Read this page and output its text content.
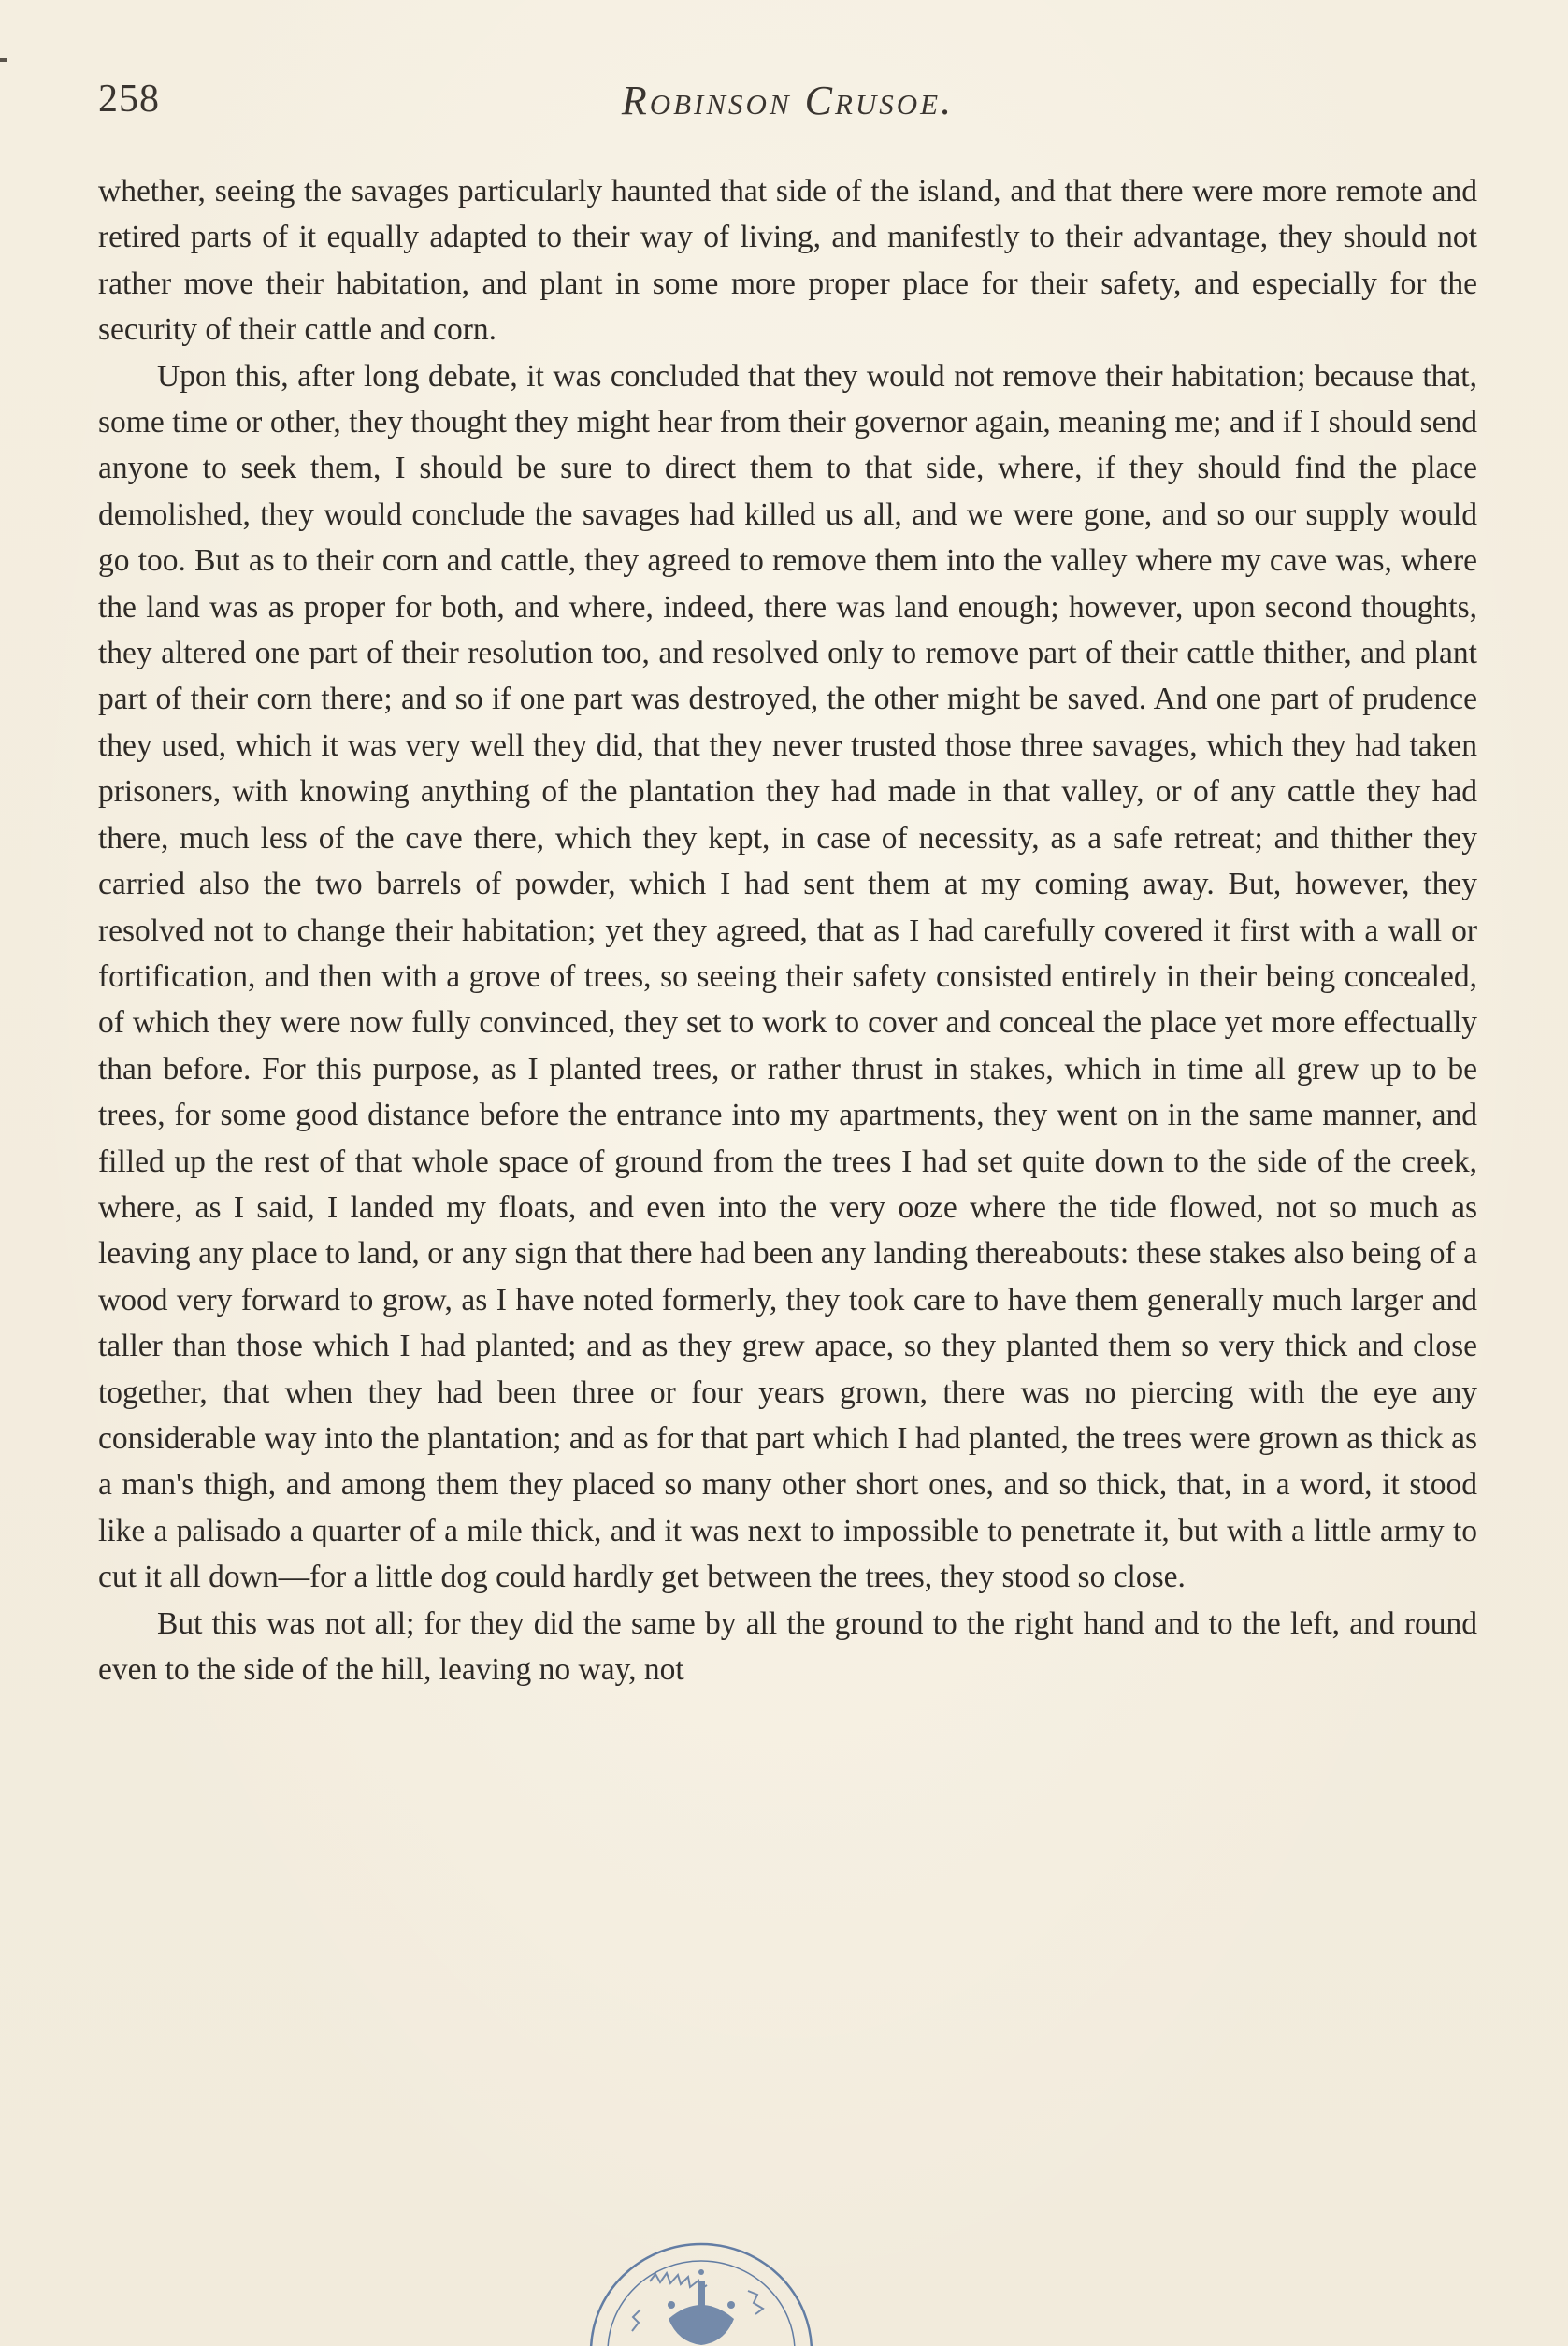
258	Robinson Crusoe.

whether, seeing the savages particularly haunted that side of the island, and that there were more remote and retired parts of it equally adapted to their way of living, and manifestly to their advantage, they should not rather move their habitation, and plant in some more proper place for their safety, and especially for the security of their cattle and corn.

Upon this, after long debate, it was concluded that they would not remove their habitation; because that, some time or other, they thought they might hear from their governor again, meaning me; and if I should send anyone to seek them, I should be sure to direct them to that side, where, if they should find the place demolished, they would conclude the savages had killed us all, and we were gone, and so our supply would go too. But as to their corn and cattle, they agreed to remove them into the valley where my cave was, where the land was as proper for both, and where, indeed, there was land enough; however, upon second thoughts, they altered one part of their resolution too, and resolved only to remove part of their cattle thither, and plant part of their corn there; and so if one part was destroyed, the other might be saved. And one part of prudence they used, which it was very well they did, that they never trusted those three savages, which they had taken prisoners, with knowing anything of the plantation they had made in that valley, or of any cattle they had there, much less of the cave there, which they kept, in case of necessity, as a safe retreat; and thither they carried also the two barrels of powder, which I had sent them at my coming away. But, however, they resolved not to change their habitation; yet they agreed, that as I had carefully covered it first with a wall or fortification, and then with a grove of trees, so seeing their safety consisted entirely in their being concealed, of which they were now fully convinced, they set to work to cover and conceal the place yet more effectually than before. For this purpose, as I planted trees, or rather thrust in stakes, which in time all grew up to be trees, for some good distance before the entrance into my apartments, they went on in the same manner, and filled up the rest of that whole space of ground from the trees I had set quite down to the side of the creek, where, as I said, I landed my floats, and even into the very ooze where the tide flowed, not so much as leaving any place to land, or any sign that there had been any landing thereabouts: these stakes also being of a wood very forward to grow, as I have noted formerly, they took care to have them generally much larger and taller than those which I had planted; and as they grew apace, so they planted them so very thick and close together, that when they had been three or four years grown, there was no piercing with the eye any considerable way into the plantation; and as for that part which I had planted, the trees were grown as thick as a man's thigh, and among them they placed so many other short ones, and so thick, that, in a word, it stood like a palisado a quarter of a mile thick, and it was next to impossible to penetrate it, but with a little army to cut it all down—for a little dog could hardly get between the trees, they stood so close.

But this was not all; for they did the same by all the ground to the right hand and to the left, and round even to the side of the hill, leaving no way, not
